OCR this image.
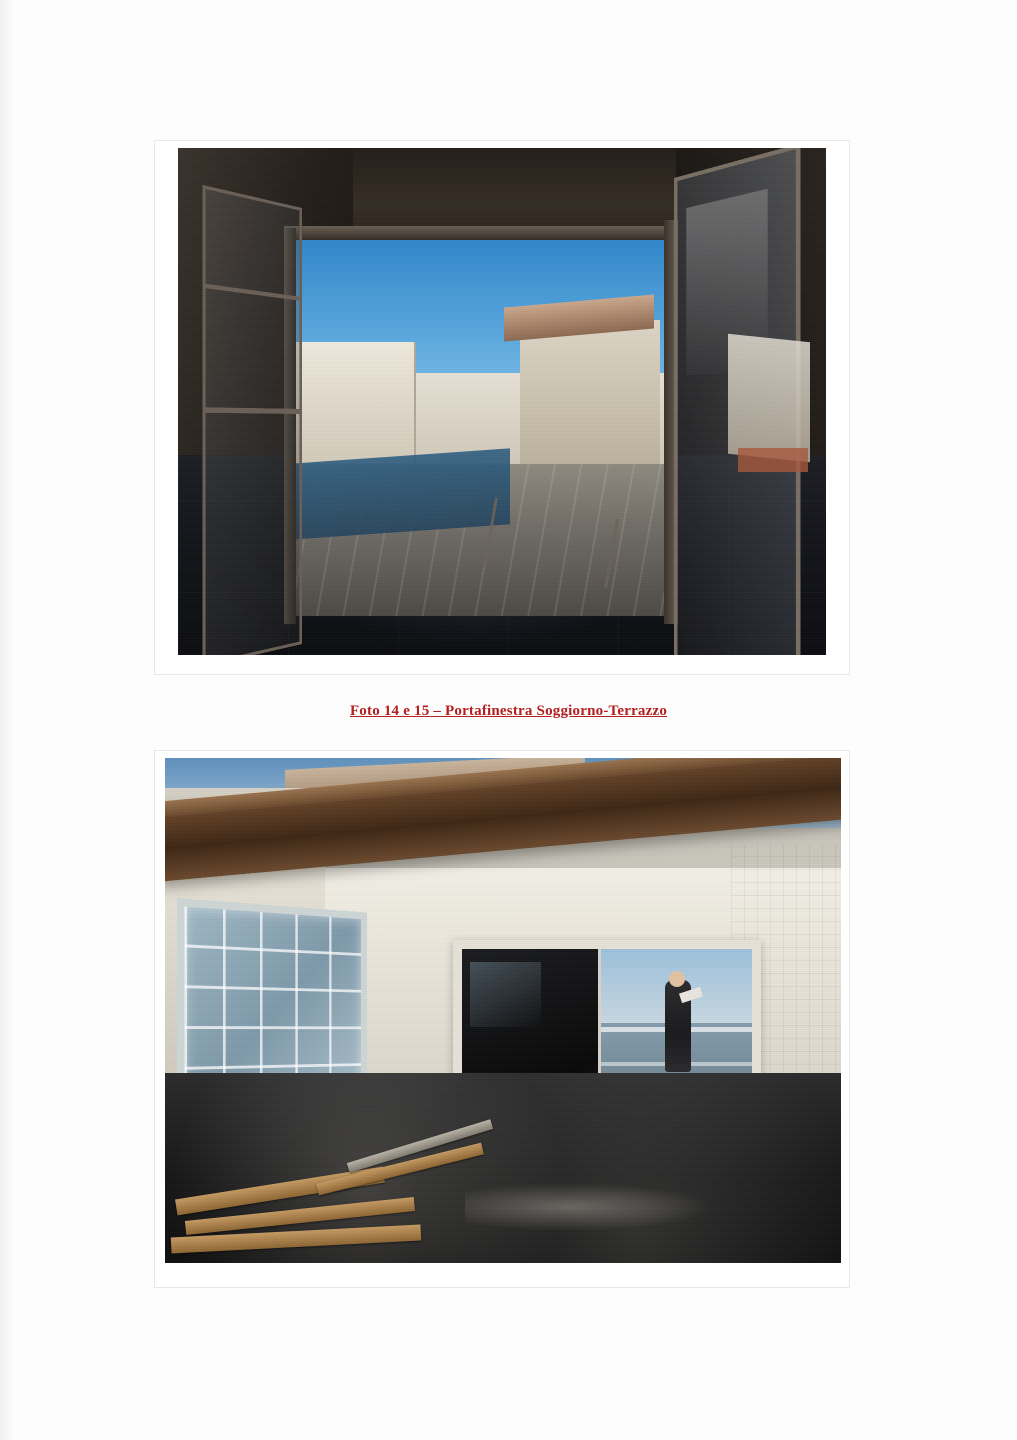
Foto 14 e 15 – Portafinestra Soggiorno-Terrazzo
